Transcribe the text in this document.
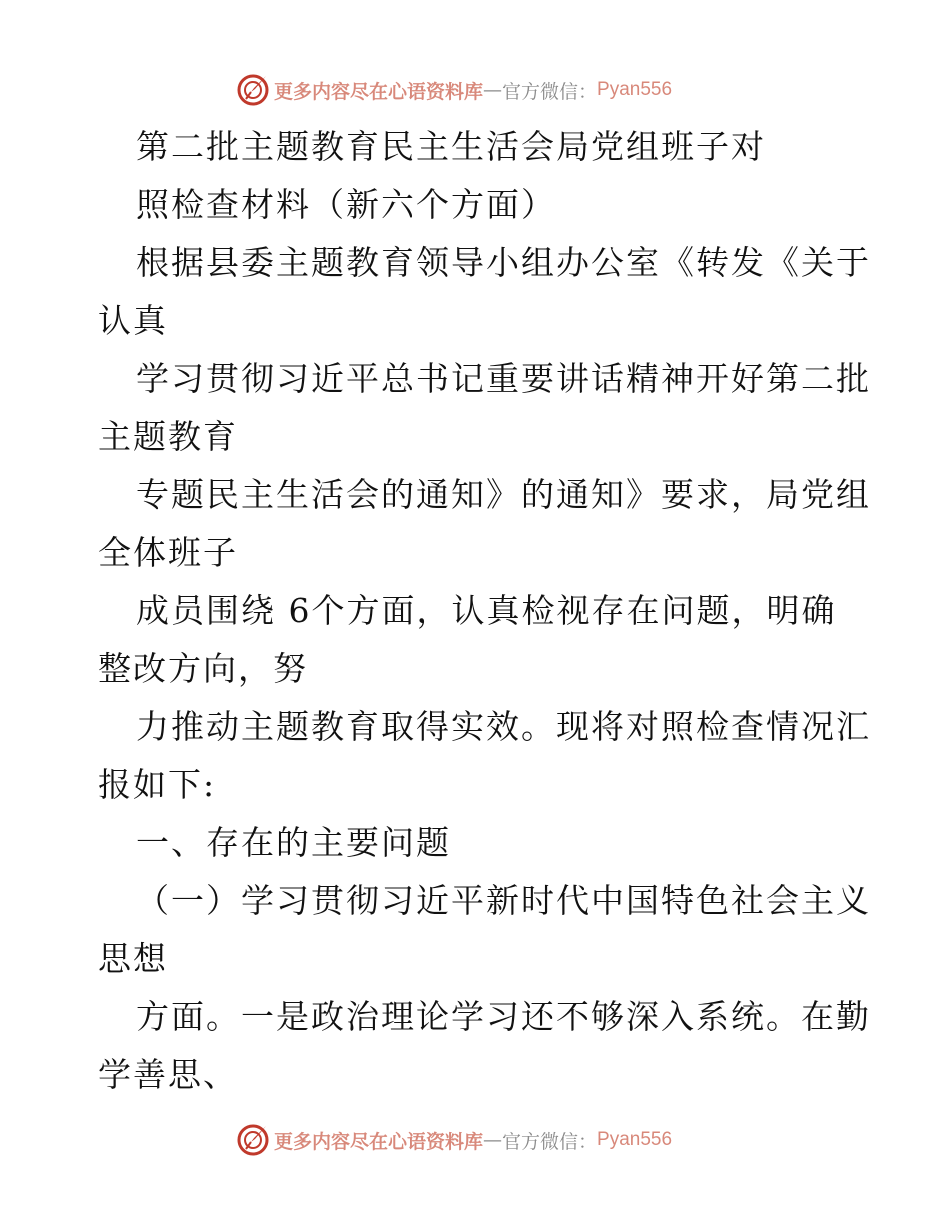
更多内容尽在心语资料库 — 官方微信： Pyan556
第二批主题教育民主生活会局党组班子对
照检查材料（新六个方面）
根据县委主题教育领导小组办公室《转发《关于
认真
学习贯彻习近平总书记重要讲话精神开好第二批
主题教育
专题民主生活会的通知》的通知》要求，局党组
全体班子
成员围绕 6个方面，认真检视存在问题，明确
整改方向，努
力推动主题教育取得实效。现将对照检查情况汇
报如下:
一、存在的主要问题
（一）学习贯彻习近平新时代中国特色社会主义
思想
方面。一是政治理论学习还不够深入系统。在勤
学善思、
更多内容尽在心语资料库 — 官方微信： Pyan556
